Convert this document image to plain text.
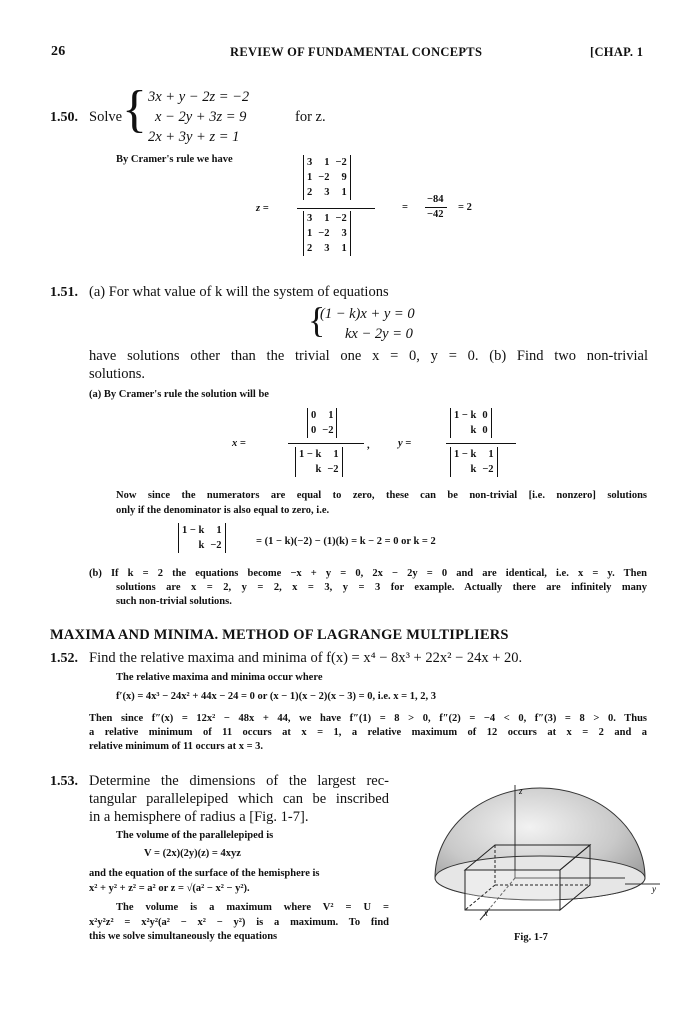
26	REVIEW OF FUNDAMENTAL CONCEPTS	[CHAP. 1
1.50. Solve { 3x + y − 2z = −2
x − 2y + 3z = 9
2x + 3y + z = 1
for z.
By Cramer's rule we have
z =
3	1	−2
1	−2	9
2	3	1
3	1	−2
1	−2	3
2	3	1
=
−84
−42
= 2
1.51. (a) For what value of k will the system of equations
{
(1 − k)x + y = 0
kx − 2y = 0
have solutions other than the trivial one x = 0, y = 0. (b) Find two non-trivial
solutions.
(a) By Cramer's rule the solution will be
x =
0	1
0	−2
1 − k	1
k	−2
,	y =
1 − k	0
k	0
1 − k	1
k	−2
Now since the numerators are equal to zero, these can be non-trivial [i.e. nonzero] solutions
only if the denominator is also equal to zero, i.e.
1 − k	1
k	−2	= (1 − k)(−2) − (1)(k) = k − 2 = 0 or k = 2
(b) If k = 2 the equations become −x + y = 0, 2x − 2y = 0 and are identical, i.e. x = y. Then
solutions are x = 2, y = 2, x = 3, y = 3 for example. Actually there are infinitely many
such non-trivial solutions.
MAXIMA AND MINIMA. METHOD OF LAGRANGE MULTIPLIERS
1.52. Find the relative maxima and minima of f(x) = x⁴ − 8x³ + 22x² − 24x + 20.
The relative maxima and minima occur where
f′(x) = 4x³ − 24x² + 44x − 24 = 0 or (x − 1)(x − 2)(x − 3) = 0, i.e. x = 1, 2, 3
Then since f″(x) = 12x² − 48x + 44, we have f″(1) = 8 > 0, f″(2) = −4 < 0, f″(3) = 8 > 0. Thus
a relative minimum of 11 occurs at x = 1, a relative maximum of 12 occurs at x = 2 and a
relative minimum of 11 occurs at x = 3.
1.53. Determine the dimensions of the largest rec-
tangular parallelepiped which can be inscribed
in a hemisphere of radius a [Fig. 1-7].
The volume of the parallelepiped is
V = (2x)(2y)(z) = 4xyz
and the equation of the surface of the hemisphere is
x² + y² + z² = a² or z = √(a² − x² − y²).
The volume is a maximum where V² = U =
x²y²z² = x²y²(a² − x² − y²) is a maximum. To find
this we solve simultaneously the equations
z
y
x
Fig. 1-7
